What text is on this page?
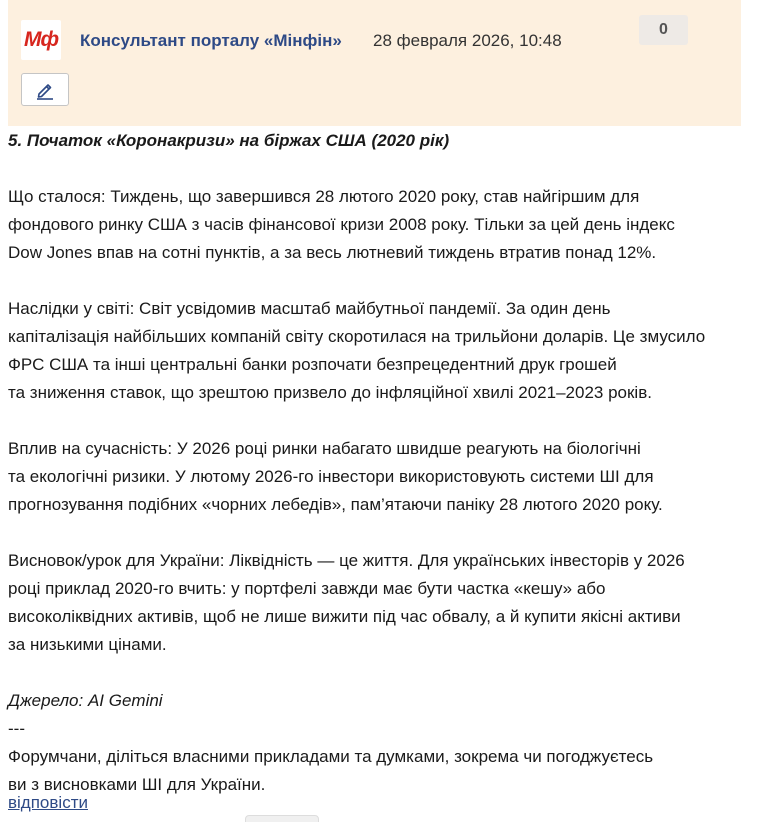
Мф Консультант порталу «Мінфін» 28 февраля 2026, 10:48
0

5. Початок «Коронакризи» на біржах США (2020 рік)

Що сталося: Тиждень, що завершився 28 лютого 2020 року, став найгіршим для

фондового ринку США з часів фінансової кризи 2008 року. Тільки за цей день індекс

Dow Jones впав на сотні пунктів, а за весь лютневий тиждень втратив понад 12%.

Наслідки у світі: Світ усвідомив масштаб майбутньої пандемії. За один день

капіталізація найбільших компаній світу скоротилася на трильйони доларів. Це змусило

ФРС США та інші центральні банки розпочати безпрецедентний друк грошей

та зниження ставок, що зрештою призвело до інфляційної хвилі 2021–2023 років.

Вплив на сучасність: У 2026 році ринки набагато швидше реагують на біологічні

та екологічні ризики. У лютому 2026-го інвестори використовують системи ШІ для

прогнозування подібних «чорних лебедів», пам’ятаючи паніку 28 лютого 2020 року.

Висновок/урок для України: Ліквідність — це життя. Для українських інвесторів у 2026

році приклад 2020-го вчить: у портфелі завжди має бути частка «кешу» або

високоліквідних активів, щоб не лише вижити під час обвалу, а й купити якісні активи

за низькими цінами.

Джерело: AI Gemini

---

Форумчани, діліться власними прикладами та думками, зокрема чи погоджуєтесь

ви з висновками ШІ для України.

відповісти
